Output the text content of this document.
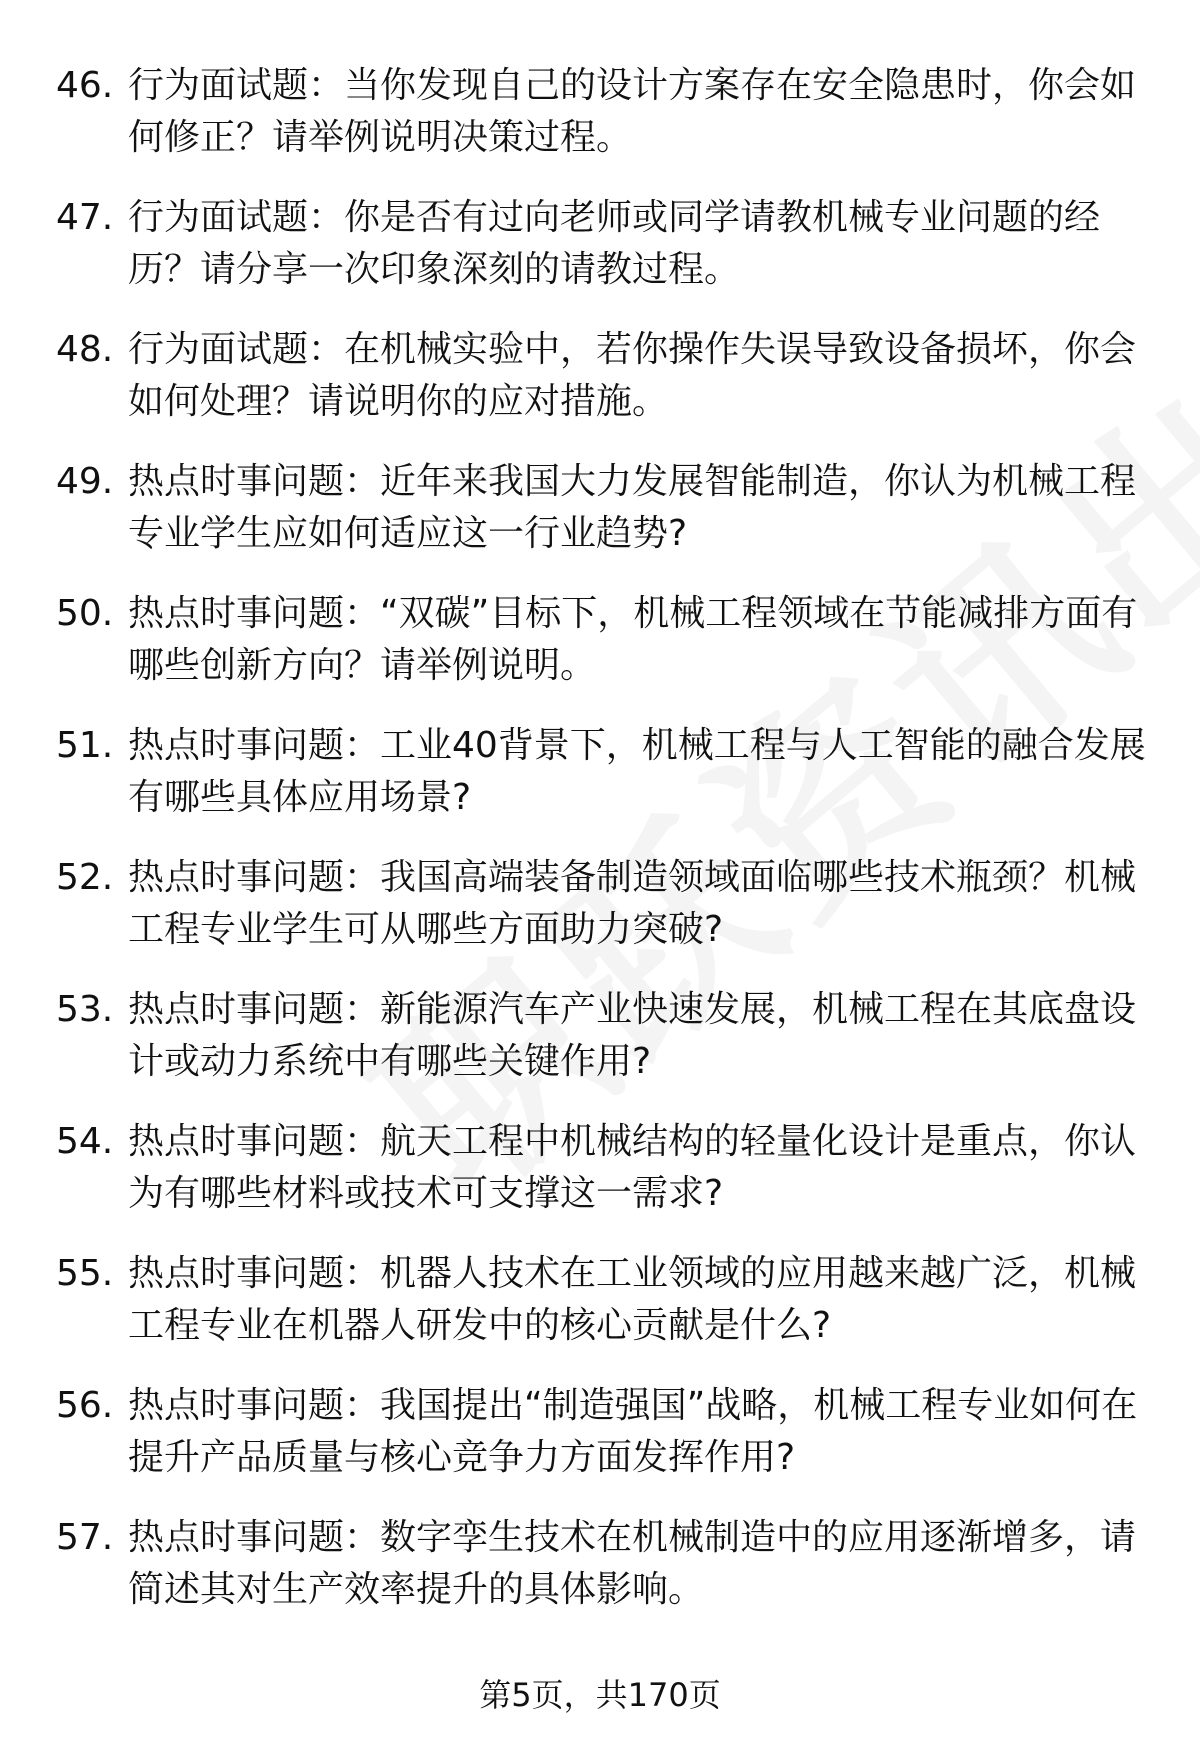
46. 行为面试题：当你发现自己的设计方案存在安全隐患时，你会如何修正？请举例说明决策过程。
47. 行为面试题：你是否有过向老师或同学请教机械专业问题的经历？请分享一次印象深刻的请教过程。
48. 行为面试题：在机械实验中，若你操作失误导致设备损坏，你会如何处理？请说明你的应对措施。
49. 热点时事问题：近年来我国大力发展智能制造，你认为机械工程专业学生应如何适应这一行业趋势?
50. 热点时事问题：“双碳”目标下，机械工程领域在节能减排方面有哪些创新方向？请举例说明。
51. 热点时事问题：工业40背景下，机械工程与人工智能的融合发展有哪些具体应用场景?
52. 热点时事问题：我国高端装备制造领域面临哪些技术瓶颈？机械工程专业学生可从哪些方面助力突破?
53. 热点时事问题：新能源汽车产业快速发展，机械工程在其底盘设计或动力系统中有哪些关键作用?
54. 热点时事问题：航天工程中机械结构的轻量化设计是重点，你认为有哪些材料或技术可支撑这一需求?
55. 热点时事问题：机器人技术在工业领域的应用越来越广泛，机械工程专业在机器人研发中的核心贡献是什么?
56. 热点时事问题：我国提出“制造强国”战略，机械工程专业如何在提升产品质量与核心竞争力方面发挥作用?
57. 热点时事问题：数字孪生技术在机械制造中的应用逐渐增多，请简述其对生产效率提升的具体影响。
第5页，共170页
